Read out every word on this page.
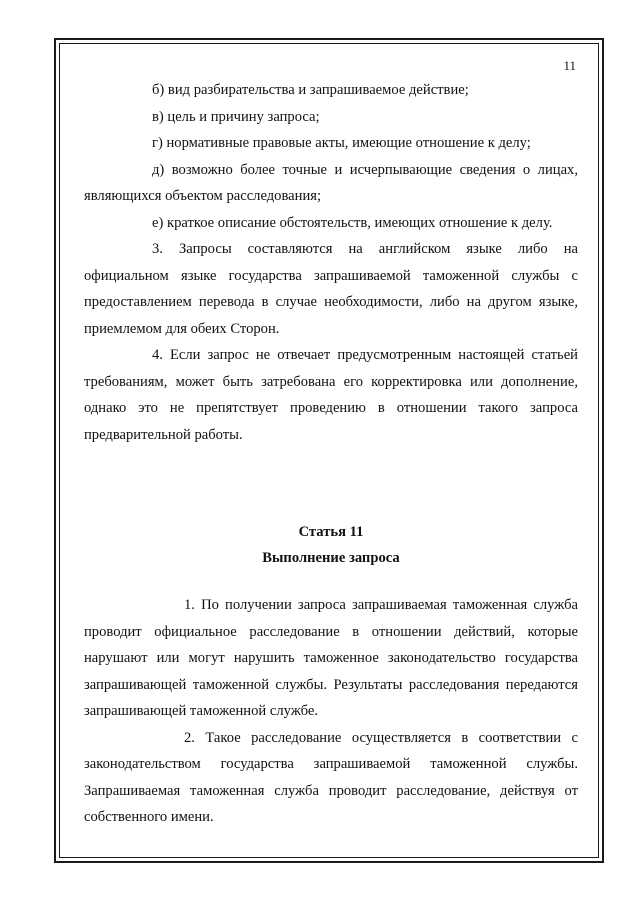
11

б) вид разбирательства и запрашиваемое действие;

в) цель и причину запроса;

г) нормативные правовые акты, имеющие отношение к делу;

д) возможно более точные и исчерпывающие сведения о лицах, являющихся объектом расследования;

е) краткое описание обстоятельств, имеющих отношение к делу.

3. Запросы составляются на английском языке либо на официальном языке государства запрашиваемой таможенной службы с предоставлением перевода в случае необходимости, либо на другом языке, приемлемом для обеих Сторон.

4. Если запрос не отвечает предусмотренным настоящей статьей требованиям, может быть затребована его корректировка или дополнение, однако это не препятствует проведению в отношении такого запроса предварительной работы.

Статья 11
Выполнение запроса

1. По получении запроса запрашиваемая таможенная служба проводит официальное расследование в отношении действий, которые нарушают или могут нарушить таможенное законодательство государства запрашивающей таможенной службы. Результаты расследования передаются запрашивающей таможенной службе.

2. Такое расследование осуществляется в соответствии с законодательством государства запрашиваемой таможенной службы. Запрашиваемая таможенная служба проводит расследование, действуя от собственного имени.
